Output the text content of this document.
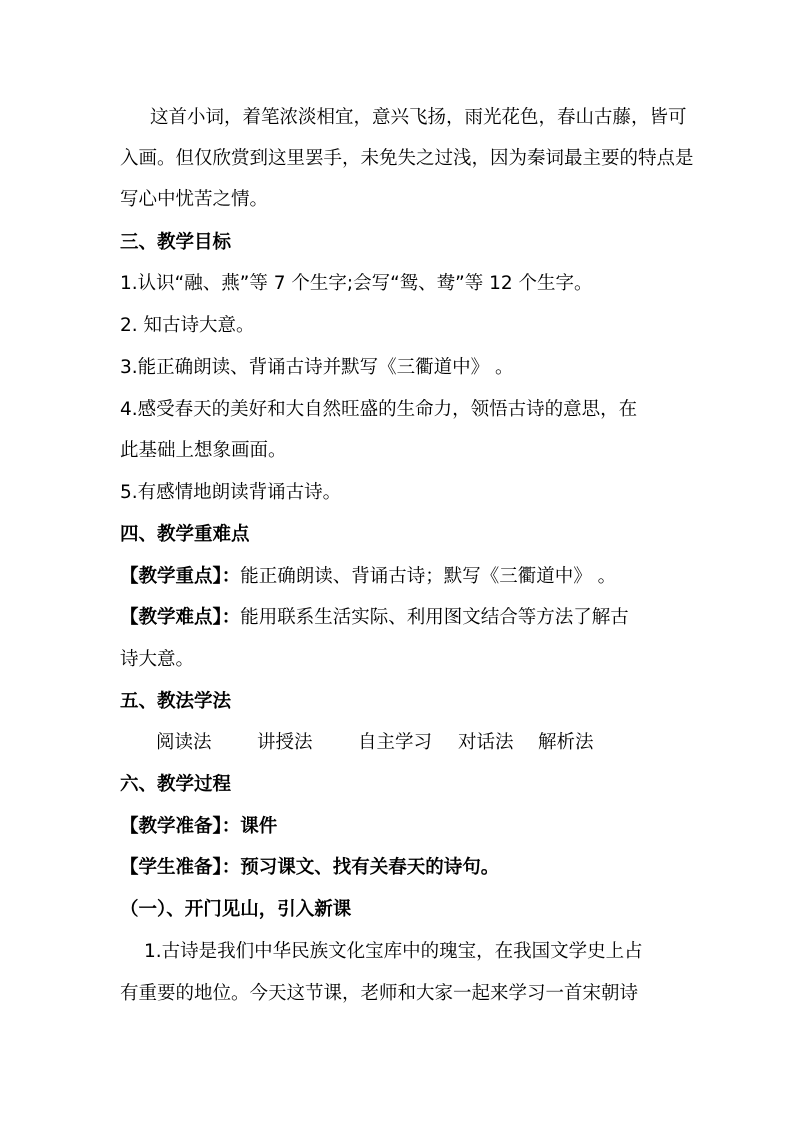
这首小词，着笔浓淡相宜，意兴飞扬，雨光花色，春山古藤，皆可
入画。但仅欣赏到这里罢手，未免失之过浅，因为秦词最主要的特点是
写心中忧苦之情。
三、教学目标
1.认识“融、燕”等 7 个生字;会写“鸳、鸯”等 12 个生字。
2. 知古诗大意。
3.能正确朗读、背诵古诗并默写《三衢道中》 。
4.感受春天的美好和大自然旺盛的生命力，领悟古诗的意思，在
此基础上想象画面。
5.有感情地朗读背诵古诗。
四、教学重难点
【教学重点】：能正确朗读、背诵古诗；默写《三衢道中》 。
【教学难点】：能用联系生活实际、利用图文结合等方法了解古
诗大意。
五、教法学法
阅读法 讲授法 自主学习 对话法 解析法
六、教学过程
【教学准备】：课件
【学生准备】：预习课文、找有关春天的诗句。
（一）、开门见山，引入新课
1.古诗是我们中华民族文化宝库中的瑰宝，在我国文学史上占
有重要的地位。今天这节课，老师和大家一起来学习一首宋朝诗
